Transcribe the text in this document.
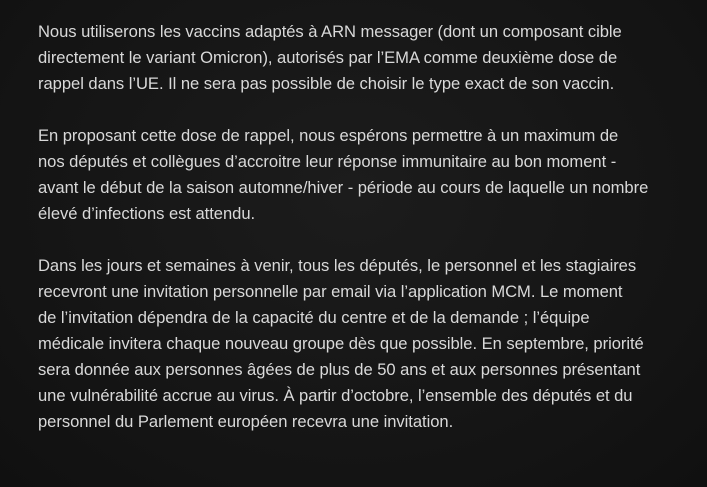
Nous utiliserons les vaccins adaptés à ARN messager (dont un composant cible
directement le variant Omicron), autorisés par l’EMA comme deuxième dose de
rappel dans l’UE. Il ne sera pas possible de choisir le type exact de son vaccin.

En proposant cette dose de rappel, nous espérons permettre à un maximum de
nos députés et collègues d’accroitre leur réponse immunitaire au bon moment -
avant le début de la saison automne/hiver - période au cours de laquelle un nombre
élevé d’infections est attendu.

Dans les jours et semaines à venir, tous les députés, le personnel et les stagiaires
recevront une invitation personnelle par email via l’application MCM. Le moment
de l’invitation dépendra de la capacité du centre et de la demande ; l’équipe
médicale invitera chaque nouveau groupe dès que possible. En septembre, priorité
sera donnée aux personnes âgées de plus de 50 ans et aux personnes présentant
une vulnérabilité accrue au virus. À partir d’octobre, l’ensemble des députés et du
personnel du Parlement européen recevra une invitation.
